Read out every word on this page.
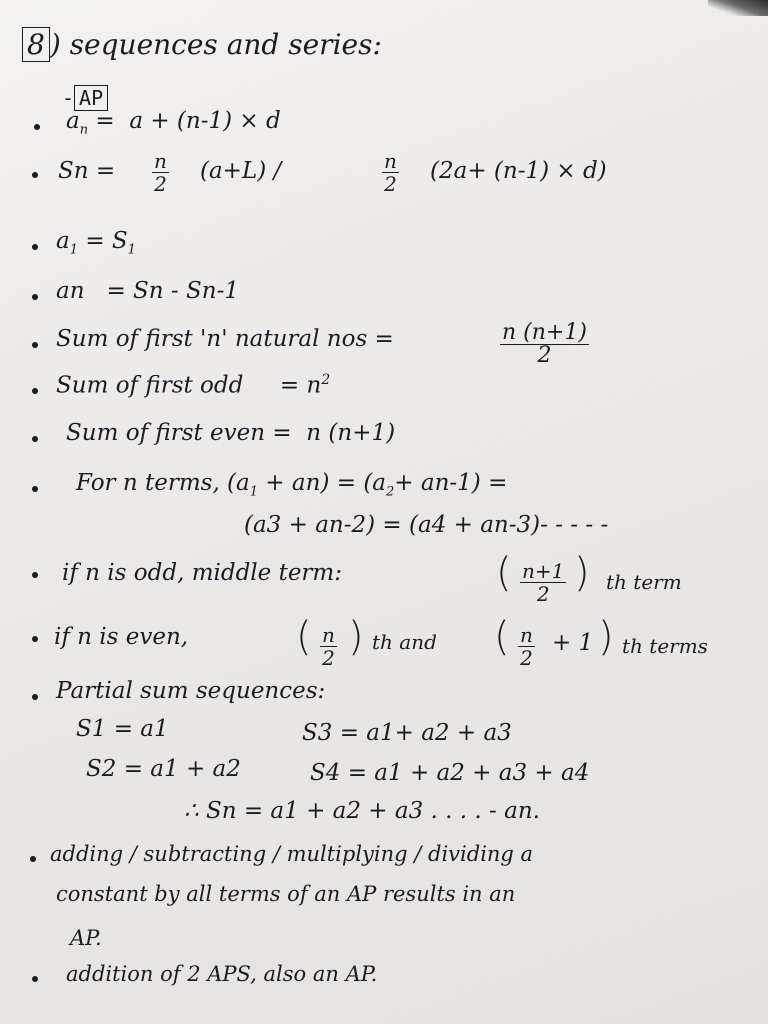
8 ) sequences and series:
- AP
$a_n = a + (n-1) \times d$
$Sn = \frac{n}{2} (a+L)$ /	$\frac{n}{2} (2a+ (n-1) \times d)$
$a_1 = S_1$
an = Sn - Sn-1
Sum of first 'n' natural nos =	$\frac{n (n+1)}{2}$
Sum of first odd = $n^2$
Sum of first even = n (n+1)
For n terms, $(a_1 + an) = (a_2+ an-1)$ =
(a3 + an-2) = (a4 + an-3)- - - - -
if n is odd, middle term:	( $\frac{n+1}{2}$ ) th term
if n is even,	( $\frac{n}{2}$ ) th and ( $\frac{n}{2} + 1$ ) th terms
Partial sum sequences:
S1 = a1	S3 = a1+ a2 + a3
S2 = a1 + a2	S4 = a1 + a2 + a3 + a4
∴ Sn = a1 + a2 + a3 . . . . - an.
adding / subtracting / multiplying / dividing a
constant by all terms of an AP results in an
AP.
addition of 2 APS, also an AP.
